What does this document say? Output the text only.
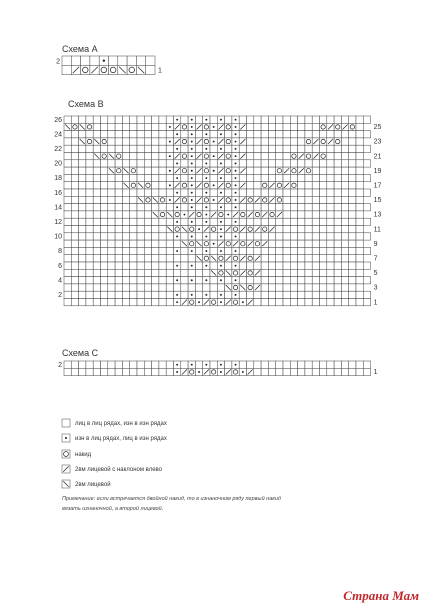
Схема А
2
1
Схема В
26
24
22
20
18
16
14
12
10
8
6
4
2
25
23
21
19
17
15
13
11
9
7
5
3
1
Схема С
2
1
лиц в лиц рядах, изн в изн рядах
изн в лиц рядах, лиц в изн рядах
накид
2вм лицевой с наклоном влево
2вм лицевой
Примечание: если встречается двойной накид, то в изнаночном ряду первый накид
вязать изнаночной, а второй лицевой.
Страна Мам
